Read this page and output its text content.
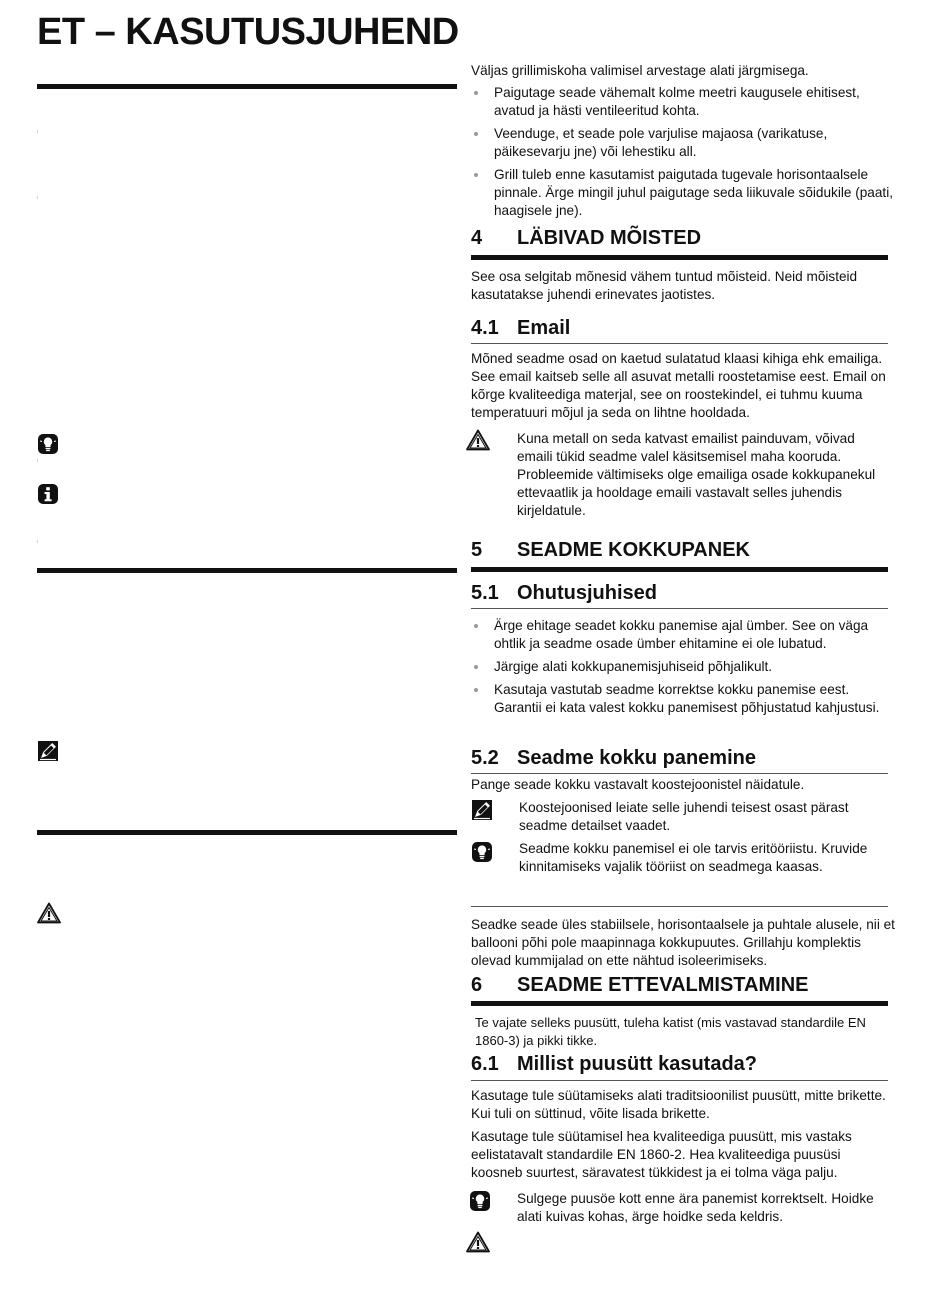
ET – KASUTUSJUHEND

Väljas grillimiskoha valimisel arvestage alati järgmisega.

Paigutage seade vähemalt kolme meetri kaugusele ehitisest, avatud ja hästi ventileeritud kohta.
Veenduge, et seade pole varjulise majaosa (varikatuse, päikesevarju jne) või lehestiku all.
Grill tuleb enne kasutamist paigutada tugevale horisontaalsele pinnale. Ärge mingil juhul paigutage seda liikuvale sõidukile (paati, haagisele jne).
4	LÄBIVAD MÕISTED

See osa selgitab mõnesid vähem tuntud mõisteid. Neid mõisteid kasutatakse juhendi erinevates jaotistes.

4.1 Email

Mõned seadme osad on kaetud sulatatud klaasi kihiga ehk emailiga. See email kaitseb selle all asuvat metalli roostetamise eest. Email on kõrge kvaliteediga materjal, see on roostekindel, ei tuhmu kuuma temperatuuri mõjul ja seda on lihtne hooldada.

Kuna metall on seda katvast emailist painduvam, võivad emaili tükid seadme valel käsitsemisel maha kooruda. Probleemide vältimiseks olge emailiga osade kokkupanekul ettevaatlik ja hooldage emaili vastavalt selles juhendis kirjeldatule.

5	SEADME KOKKUPANEK
5.1 Ohutusjuhised
Ärge ehitage seadet kokku panemise ajal ümber. See on väga ohtlik ja seadme osade ümber ehitamine ei ole lubatud.
Järgige alati kokkupanemisjuhiseid põhjalikult.
Kasutaja vastutab seadme korrektse kokku panemise eest. Garantii ei kata valest kokku panemisest põhjustatud kahjustusi.
5.2 Seadme kokku panemine

Pange seade kokku vastavalt koostejoonistel näidatule.

Koostejoonised leiate selle juhendi teisest osast pärast seadme detailset vaadet.

Seadme kokku panemisel ei ole tarvis eritööriistu. Kruvide kinnitamiseks vajalik tööriist on seadmega kaasas.

Seadke seade üles stabiilsele, horisontaalsele ja puhtale alusele, nii et ballooni põhi pole maapinnaga kokkupuutes. Grillahju komplektis olevad kummijalad on ette nähtud isoleerimiseks.

6	SEADME ETTEVALMISTAMINE

Te vajate selleks puusütt, tuleha katist (mis vastavad standardile EN 1860-3) ja pikki tikke.

6.1 Millist puusütt kasutada?

Kasutage tule süütamiseks alati traditsioonilist puusütt, mitte brikette. Kui tuli on süttinud, võite lisada brikette.

Kasutage tule süütamisel hea kvaliteediga puusütt, mis vastaks eelistatavalt standardile EN 1860-2. Hea kvaliteediga puusüsi koosneb suurtest, säravatest tükkidest ja ei tolma väga palju.

Sulgege puusöe kott enne ära panemist korrektselt. Hoidke alati kuivas kohas, ärge hoidke seda keldris.
